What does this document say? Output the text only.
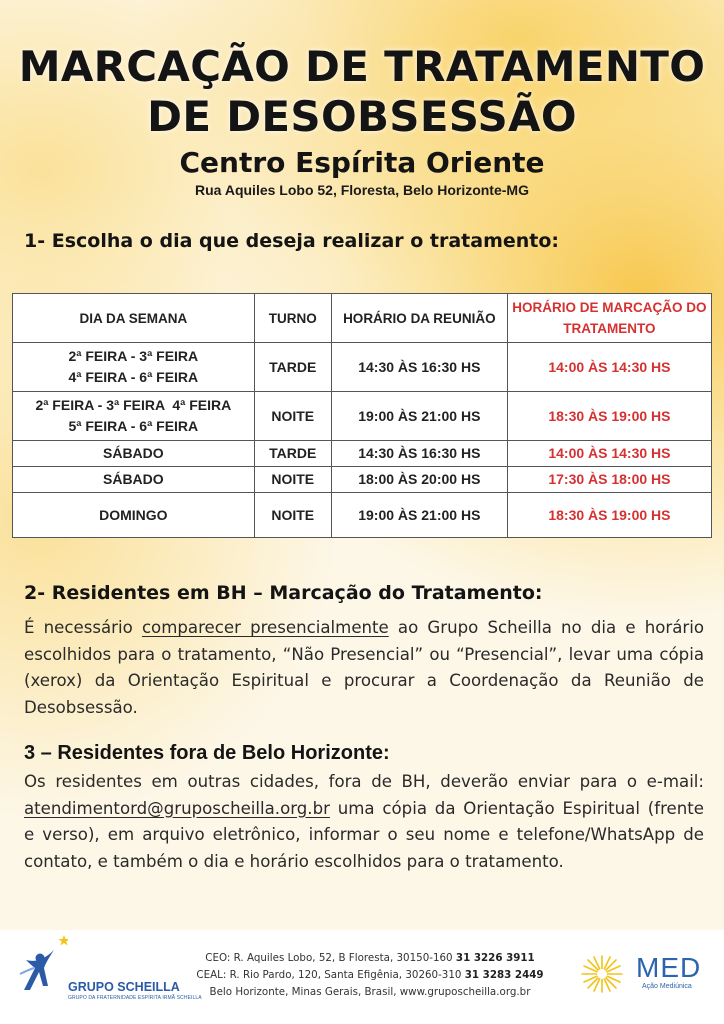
MARCAÇÃO DE TRATAMENTO
DE DESOBSESSÃO
Centro Espírita Oriente
Rua Aquiles Lobo 52, Floresta, Belo Horizonte-MG
1- Escolha o dia que deseja realizar o tratamento:
DIA DA SEMANA	TURNO	HORÁRIO DA REUNIÃO	HORÁRIO DE MARCAÇÃO DO TRATAMENTO

2ª FEIRA - 3ª FEIRA
4ª FEIRA - 6ª FEIRA	TARDE	14:30 ÀS 16:30 HS	14:00 ÀS 14:30 HS

2ª FEIRA - 3ª FEIRA  4ª FEIRA
5ª FEIRA - 6ª FEIRA	NOITE	19:00 ÀS 21:00 HS	18:30 ÀS 19:00 HS
SÁBADO	TARDE	14:30 ÀS 16:30 HS	14:00 ÀS 14:30 HS
SÁBADO	NOITE	18:00 ÀS 20:00 HS	17:30 ÀS 18:00 HS
DOMINGO	NOITE	19:00 ÀS 21:00 HS	18:30 ÀS 19:00 HS
2- Residentes em BH – Marcação do Tratamento:
É necessário comparecer presencialmente ao Grupo Scheilla no dia e horário escolhidos para o tratamento, “Não Presencial” ou “Presencial”, levar uma cópia (xerox) da Orientação Espiritual e procurar a Coordenação da Reunião de Desobsessão.
3 – Residentes fora de Belo Horizonte:
Os residentes em outras cidades, fora de BH, deverão enviar para o e-mail: atendimentord@gruposcheilla.org.br uma cópia da Orientação Espiritual (frente e verso), em arquivo eletrônico, informar o seu nome e telefone/WhatsApp de contato, e também o dia e horário escolhidos para o tratamento.
GRUPO SCHEILLA
GRUPO DA FRATERNIDADE ESPÍRITA IRMÃ SCHEILLA
CEO: R. Aquiles Lobo, 52, B Floresta, 30150-160 31 3226 3911
CEAL: R. Rio Pardo, 120, Santa Efigênia, 30260-310 31 3283 2449
Belo Horizonte, Minas Gerais, Brasil, www.gruposcheilla.org.br
MED
Ação Mediúnica
